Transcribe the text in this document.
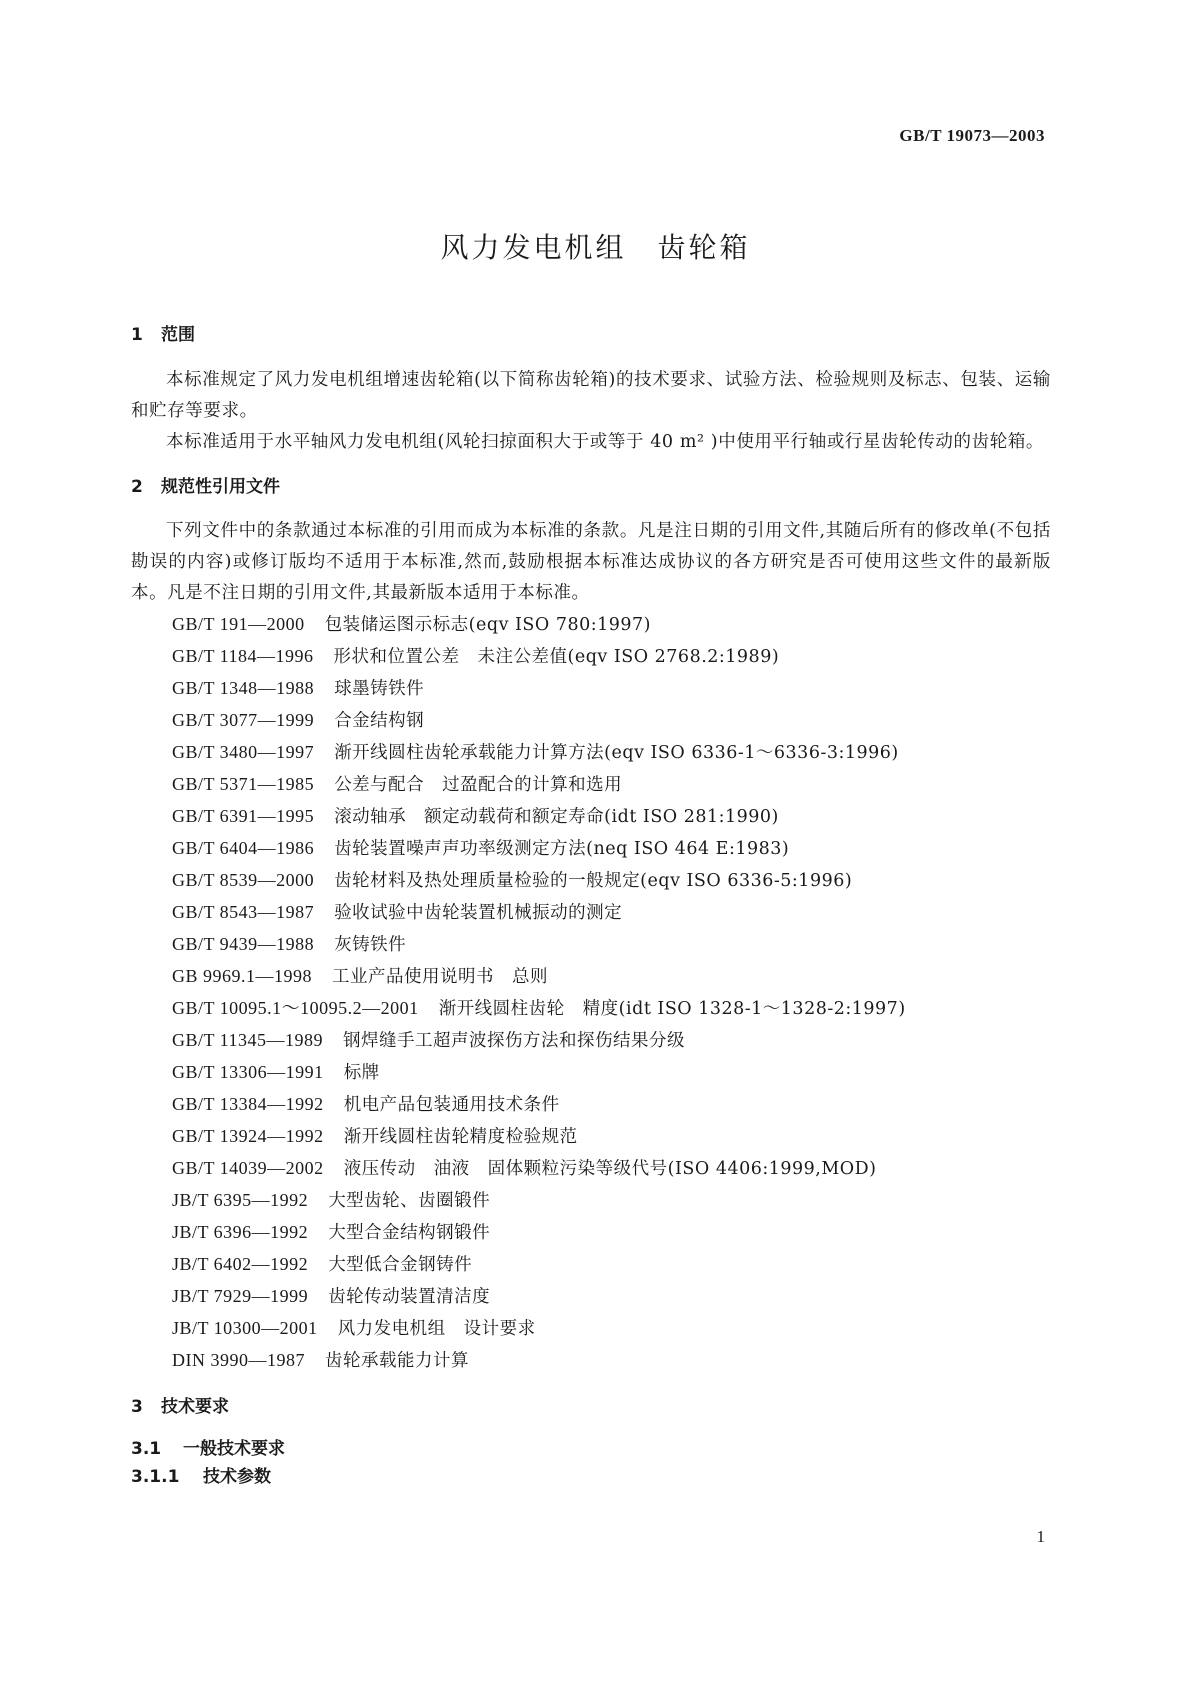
GB/T 19073—2003
风力发电机组　齿轮箱
1 范围

本标准规定了风力发电机组增速齿轮箱(以下简称齿轮箱)的技术要求、试验方法、检验规则及标志、包装、运输和贮存等要求。

本标准适用于水平轴风力发电机组(风轮扫掠面积大于或等于 40 m² )中使用平行轴或行星齿轮传动的齿轮箱。

2 规范性引用文件

下列文件中的条款通过本标准的引用而成为本标准的条款。凡是注日期的引用文件,其随后所有的修改单(不包括勘误的内容)或修订版均不适用于本标准,然而,鼓励根据本标准达成协议的各方研究是否可使用这些文件的最新版本。凡是不注日期的引用文件,其最新版本适用于本标准。

GB/T 191—2000 包装储运图示标志(eqv ISO 780:1997)
GB/T 1184—1996 形状和位置公差　未注公差值(eqv ISO 2768.2:1989)
GB/T 1348—1988 球墨铸铁件
GB/T 3077—1999 合金结构钢
GB/T 3480—1997 渐开线圆柱齿轮承载能力计算方法(eqv ISO 6336-1～6336-3:1996)
GB/T 5371—1985 公差与配合　过盈配合的计算和选用
GB/T 6391—1995 滚动轴承　额定动载荷和额定寿命(idt ISO 281:1990)
GB/T 6404—1986 齿轮装置噪声声功率级测定方法(neq ISO 464 E:1983)
GB/T 8539—2000 齿轮材料及热处理质量检验的一般规定(eqv ISO 6336-5:1996)
GB/T 8543—1987 验收试验中齿轮装置机械振动的测定
GB/T 9439—1988 灰铸铁件
GB 9969.1—1998 工业产品使用说明书　总则
GB/T 10095.1～10095.2—2001 渐开线圆柱齿轮　精度(idt ISO 1328-1～1328-2:1997)
GB/T 11345—1989 钢焊缝手工超声波探伤方法和探伤结果分级
GB/T 13306—1991 标牌
GB/T 13384—1992 机电产品包装通用技术条件
GB/T 13924—1992 渐开线圆柱齿轮精度检验规范
GB/T 14039—2002 液压传动　油液　固体颗粒污染等级代号(ISO 4406:1999,MOD)
JB/T 6395—1992 大型齿轮、齿圈锻件
JB/T 6396—1992 大型合金结构钢锻件
JB/T 6402—1992 大型低合金钢铸件
JB/T 7929—1999 齿轮传动装置清洁度
JB/T 10300—2001 风力发电机组　设计要求
DIN 3990—1987 齿轮承载能力计算
3 技术要求
3.1 一般技术要求
3.1.1 技术参数
1
